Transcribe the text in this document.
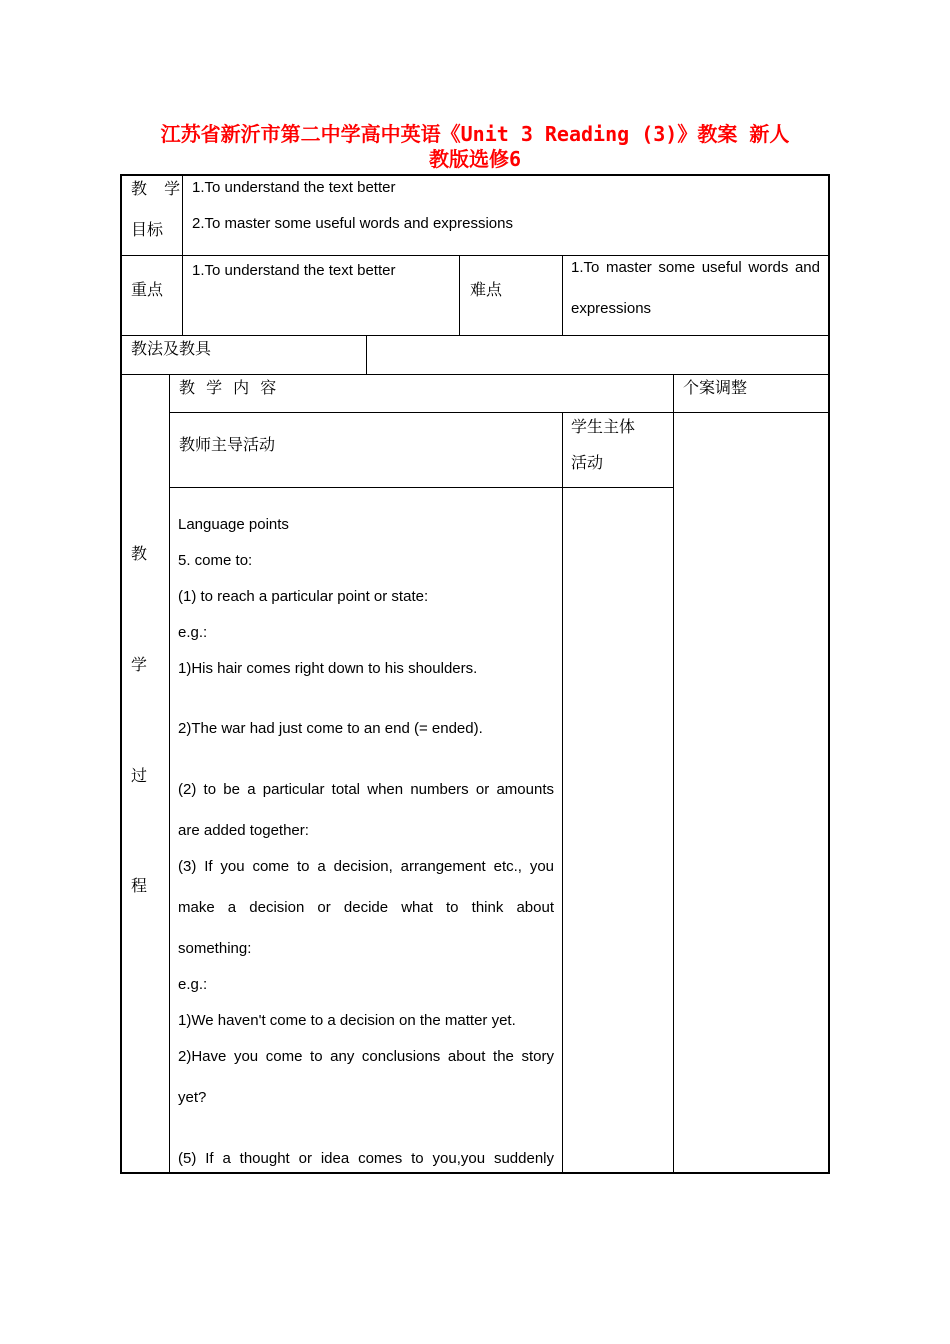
江苏省新沂市第二中学高中英语《Unit 3 Reading (3)》教案 新人
教版选修6
教 学
目标
1.To understand the text better
2.To master some useful words and expressions
重点
1.To understand the text better
难点
1.To master some useful words and
expressions
教法及教具
教
学
过
程
教 学 内 容	个案调整
教师主导活动
学生主体
活动
Language points
5. come to:
(1) to reach a particular point or state:
e.g.:
1)His hair comes right down to his shoulders.
2)The war had just come to an end (= ended).
(2) to be a particular total when numbers or amounts
are added together:
(3) If you come to a decision, arrangement etc., you
make a decision or decide what to think about
something:
e.g.:
1)We haven't come to a decision on the matter yet.
2)Have you come to any conclusions about the story
yet?
(5) If a thought or idea comes to you,you suddenly
